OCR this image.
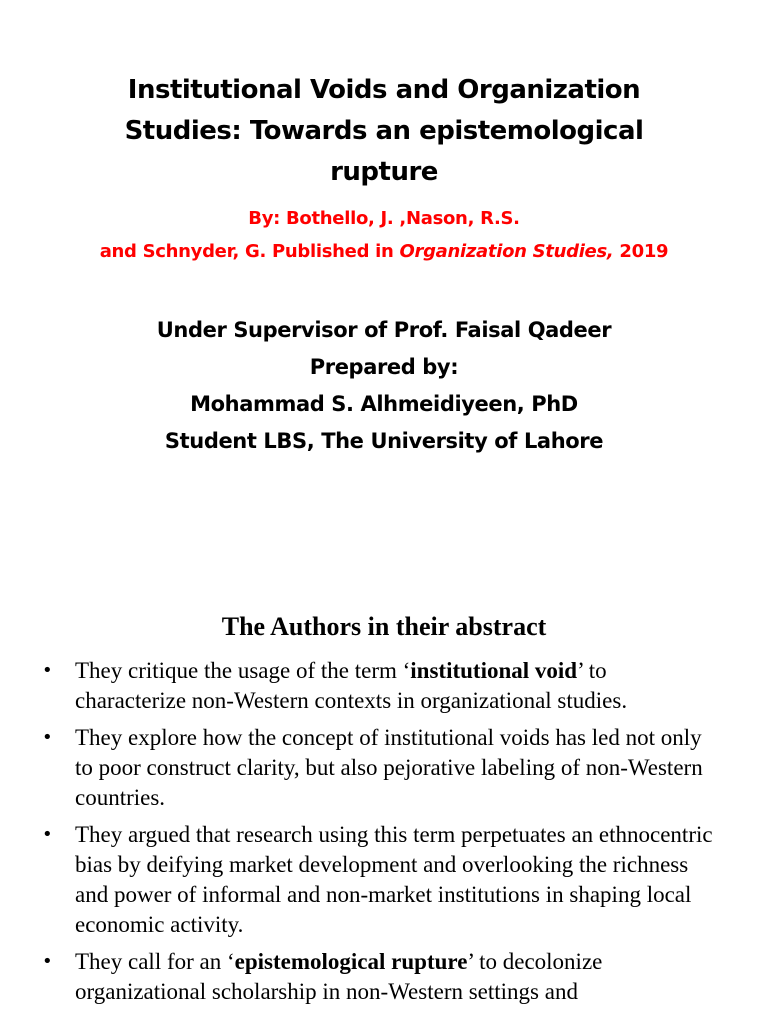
Institutional Voids and Organization
Studies: Towards an epistemological
rupture
By: Bothello, J. ,Nason, R.S.
and Schnyder, G. Published in Organization Studies, 2019
Under Supervisor of Prof. Faisal Qadeer
Prepared by:
Mohammad S. Alhmeidiyeen, PhD
Student LBS, The University of Lahore
The Authors in their abstract
• They critique the usage of the term ‘institutional void’ to characterize non-Western contexts in organizational studies.
• They explore how the concept of institutional voids has led not only to poor construct clarity, but also pejorative labeling of non-Western countries.
• They argued that research using this term perpetuates an ethnocentric bias by deifying market development and overlooking the richness and power of informal and non-market institutions in shaping local economic activity.
• They call for an ‘epistemological rupture’ to decolonize organizational scholarship in non-Western settings and
